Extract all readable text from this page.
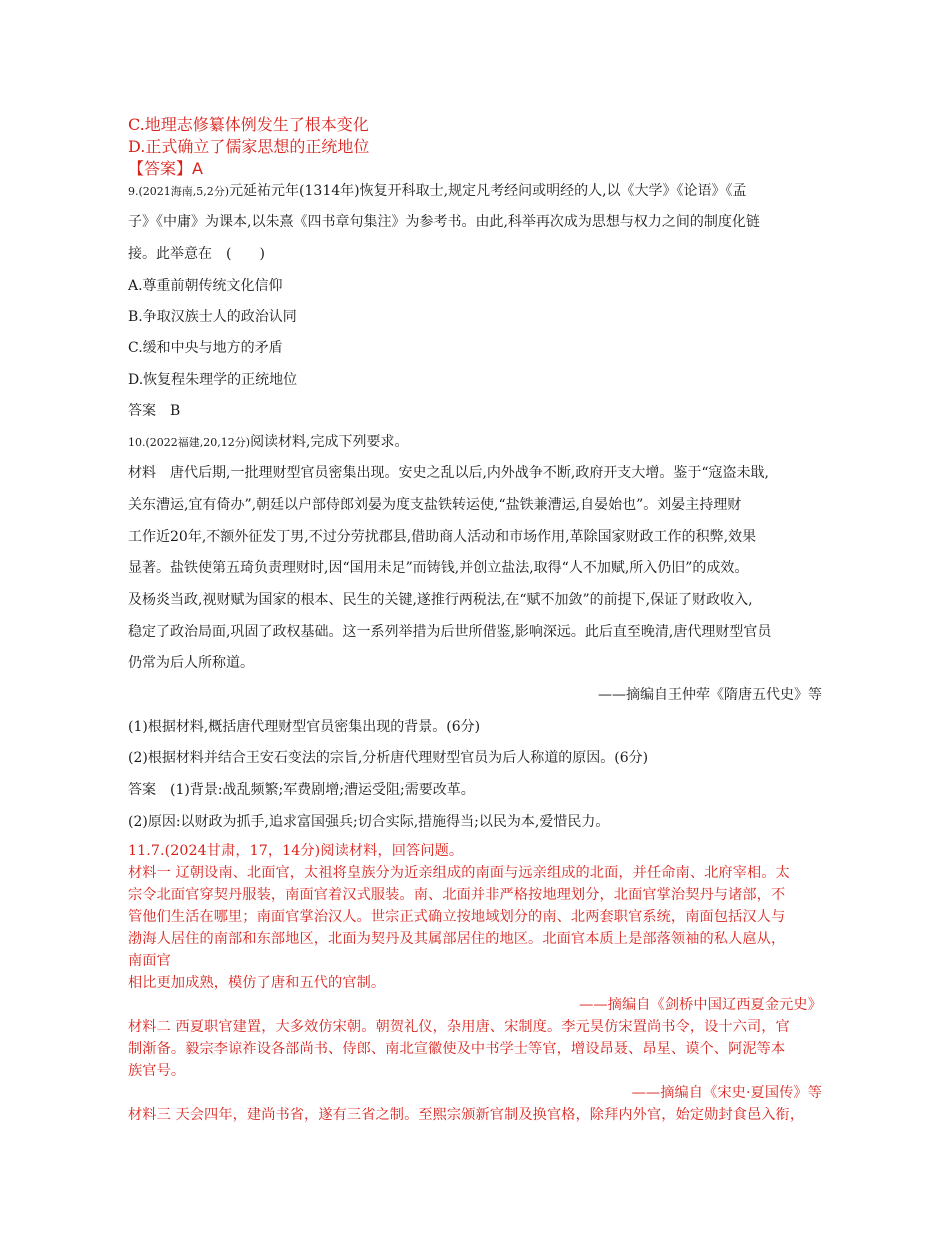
C.地理志修纂体例发生了根本变化
D.正式确立了儒家思想的正统地位
【答案】A
9.(2021海南,5,2分)元延祐元年(1314年)恢复开科取士,规定凡考经问或明经的人,以《大学》《论语》《孟
子》《中庸》为课本,以朱熹《四书章句集注》为参考书。由此,科举再次成为思想与权力之间的制度化链
接。此举意在　(　　)
A.尊重前朝传统文化信仰
B.争取汉族士人的政治认同
C.缓和中央与地方的矛盾
D.恢复程朱理学的正统地位
答案　B
10.(2022福建,20,12分)阅读材料,完成下列要求。
材料　唐代后期,一批理财型官员密集出现。安史之乱以后,内外战争不断,政府开支大增。鉴于“寇盗未戢,
关东漕运,宜有倚办”,朝廷以户部侍郎刘晏为度支盐铁转运使,“盐铁兼漕运,自晏始也”。刘晏主持理财
工作近20年,不额外征发丁男,不过分劳扰郡县,借助商人活动和市场作用,革除国家财政工作的积弊,效果
显著。盐铁使第五琦负责理财时,因“国用未足”而铸钱,并创立盐法,取得“人不加赋,所入仍旧”的成效。
及杨炎当政,视财赋为国家的根本、民生的关键,遂推行两税法,在“赋不加敛”的前提下,保证了财政收入,
稳定了政治局面,巩固了政权基础。这一系列举措为后世所借鉴,影响深远。此后直至晚清,唐代理财型官员
仍常为后人所称道。
——摘编自王仲荦《隋唐五代史》等
(1)根据材料,概括唐代理财型官员密集出现的背景。(6分)
(2)根据材料并结合王安石变法的宗旨,分析唐代理财型官员为后人称道的原因。(6分)
答案　(1)背景:战乱频繁;军费剧增;漕运受阻;需要改革。
(2)原因:以财政为抓手,追求富国强兵;切合实际,措施得当;以民为本,爱惜民力。
11.7.(2024甘肃，17，14分)阅读材料，回答问题。
材料一 辽朝设南、北面官，太祖将皇族分为近亲组成的南面与远亲组成的北面，并任命南、北府宰相。太
宗令北面官穿契丹服装，南面官着汉式服装。南、北面并非严格按地理划分，北面官掌治契丹与诸部，不
管他们生活在哪里；南面官掌治汉人。世宗正式确立按地域划分的南、北两套职官系统，南面包括汉人与
渤海人居住的南部和东部地区，北面为契丹及其属部居住的地区。北面官本质上是部落领袖的私人扈从，
南面官
相比更加成熟，模仿了唐和五代的官制。
——摘编自《剑桥中国辽西夏金元史》
材料二 西夏职官建置，大多效仿宋朝。朝贺礼仪，杂用唐、宋制度。李元昊仿宋置尚书令，设十六司，官
制渐备。毅宗李谅祚设各部尚书、侍郎、南北宣徽使及中书学士等官，增设昂聂、昂星、谟个、阿泥等本
族官号。
——摘编自《宋史·夏国传》等
材料三 天会四年，建尚书省，遂有三省之制。至熙宗颁新官制及换官格，除拜内外官，始定勋封食邑入衔，
